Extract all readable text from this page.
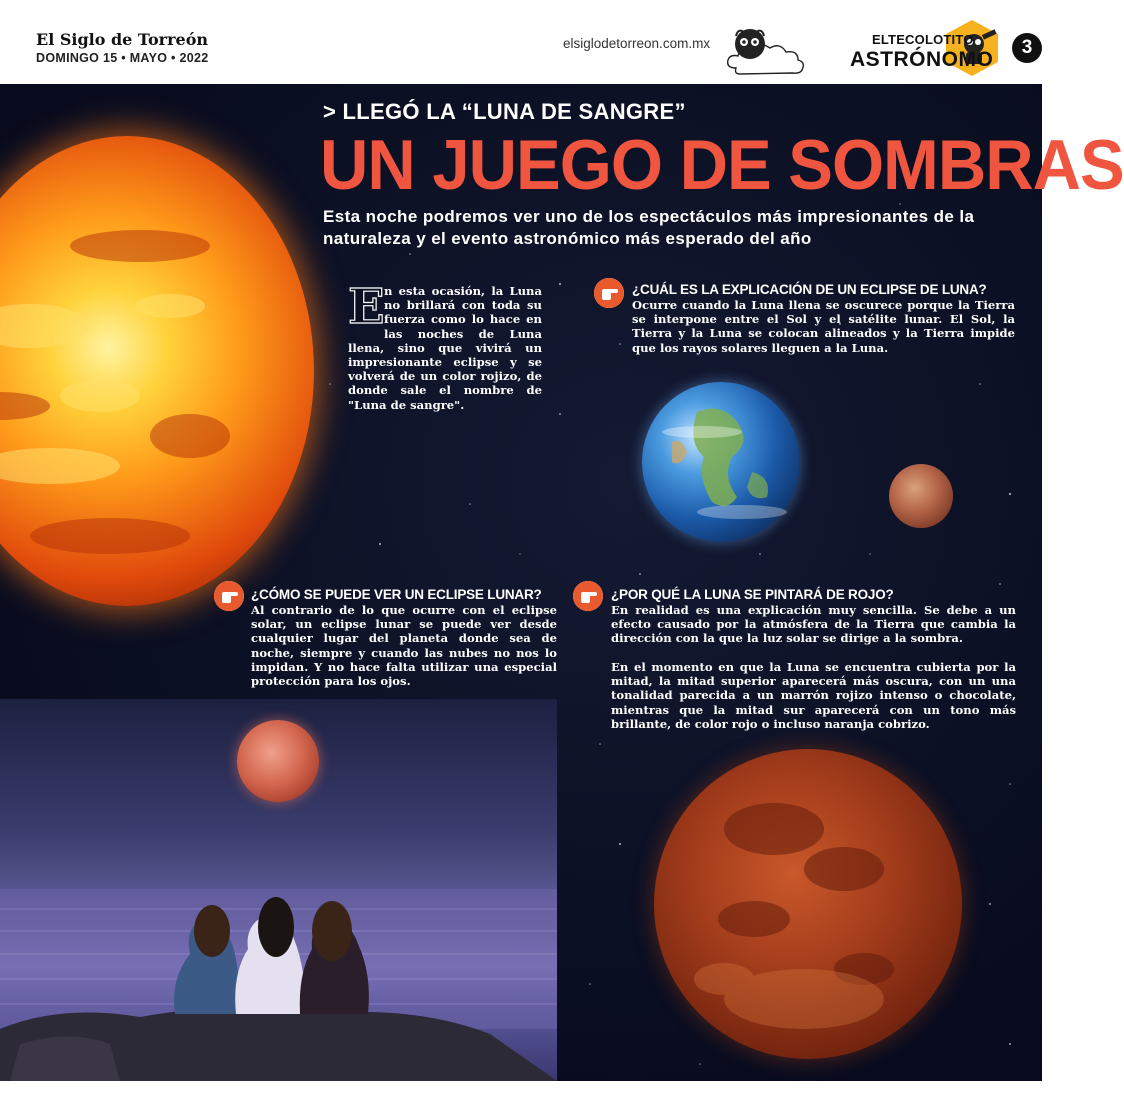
El Siglo de Torreón
DOMINGO 15 • MAYO • 2022
elsiglodetorreon.com.mx	ELTECOLOTITO
ASTRÓNOMO
3
> LLEGÓ LA “LUNA DE SANGRE”
UN JUEGO DE SOMBRAS
Esta noche podremos ver uno de los espectáculos más impresionantes de la naturaleza y el evento astronómico más esperado del año
En esta ocasión, la Luna no brillará con toda su fuerza como lo hace en las noches de Luna llena, sino que vivirá un impresionante eclipse y se volverá de un color rojizo, de donde sale el nombre de "Luna de sangre".
¿CUÁL ES LA EXPLICACIÓN DE UN ECLIPSE DE LUNA?
Ocurre cuando la Luna llena se oscurece porque la Tierra se interpone entre el Sol y el satélite lunar. El Sol, la Tierra y la Luna se colocan alineados y la Tierra impide que los rayos solares lleguen a la Luna.
¿CÓMO SE PUEDE VER UN ECLIPSE LUNAR?
Al contrario de lo que ocurre con el eclipse solar, un eclipse lunar se puede ver desde cualquier lugar del planeta donde sea de noche, siempre y cuando las nubes no nos lo impidan. Y no hace falta utilizar una especial protección para los ojos.
¿POR QUÉ LA LUNA SE PINTARÁ DE ROJO?
En realidad es una explicación muy sencilla. Se debe a un efecto causado por la atmósfera de la Tierra que cambia la dirección con la que la luz solar se dirige a la sombra.
En el momento en que la Luna se encuentra cubierta por la mitad, la mitad superior aparecerá más oscura, con un una tonalidad parecida a un marrón rojizo intenso o chocolate, mientras que la mitad sur aparecerá con un tono más brillante, de color rojo o incluso naranja cobrizo.
